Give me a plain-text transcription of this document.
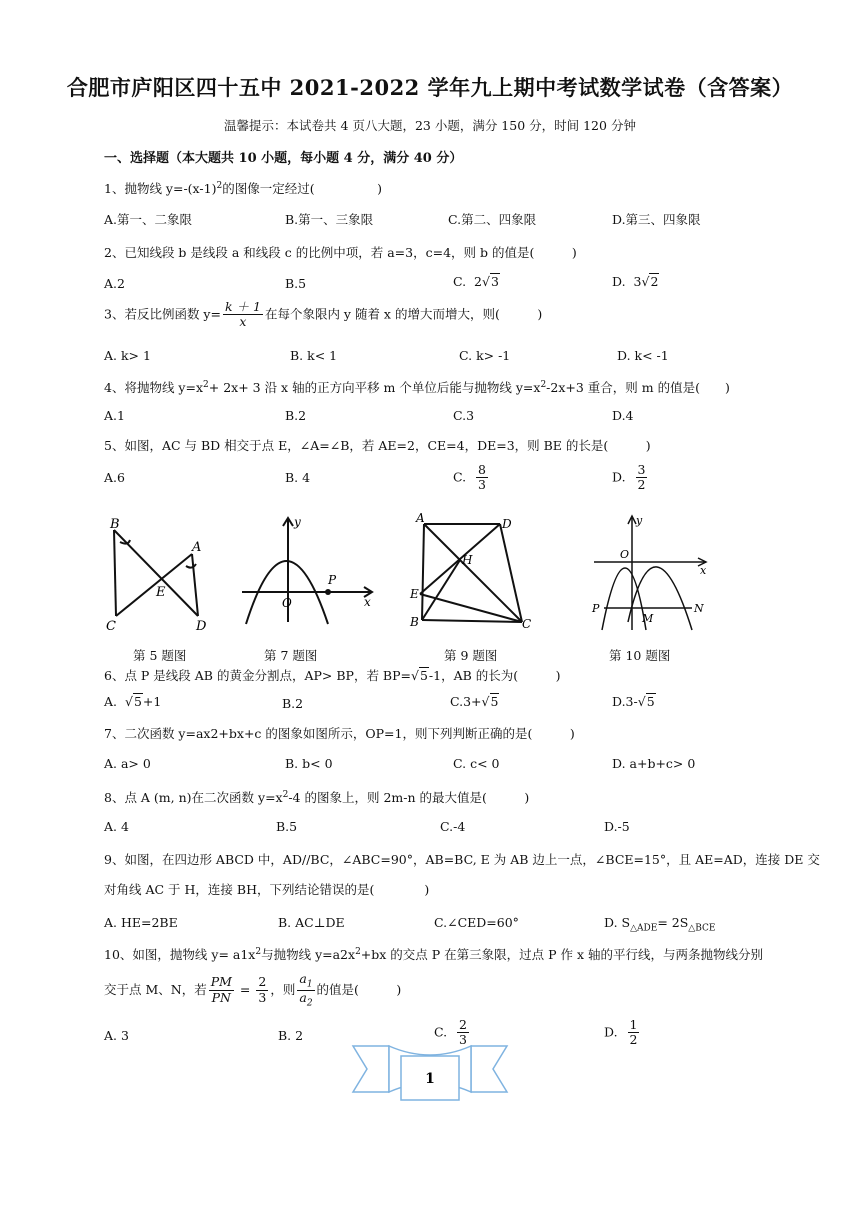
合肥市庐阳区四十五中 2021-2022 学年九上期中考试数学试卷（含答案）
温馨提示：本试卷共 4 页八大题，23 小题，满分 150 分，时间 120 分钟
一、选择题（本大题共 10 小题，每小题 4 分，满分 40 分）
1、抛物线 $y=-(x-1)^2$的图像一定经过(　　　　　)
A.第一、二象限	B.第一、三象限	C.第二、四象限	D.第三、四象限
2、已知线段 b 是线段 a 和线段 c 的比例中项，若 a=3，c=4，则 b 的值是(　　　)
A.2	B.5	C. 2√3	D. 3√2
3、若反比例函数 $y= \frac{k + 1}{x}$ 在每个象限内 y 随着 x 的增大而增大，则(　　　)
A. k> 1	B. k< 1	C. k> -1	D. k< -1
4、将抛物线 $y=x^2+ 2x+ 3$ 沿 x 轴的正方向平移 m 个单位后能与抛物线 $y=x^2-2x+3$ 重合，则 m 的值是(　　)
A.1	B.2	C.3	D.4
5、如图，AC 与 BD 相交于点 E，∠A=∠B，若 AE=2，CE=4，DE=3，则 BE 的长是(　　　)
A.6	B. 4	C. $\frac{8}{3}$	D. $\frac{3}{2}$
B
A
E
C	D
y
O
P
x
A	D
H
E
B	C
y
O
x
P
M
N
第 5 题图	第 7 题图	第 9 题图	第 10 题图
6、点 P 是线段 AB 的黄金分割点，AP> BP，若 BP=√5-1，AB 的长为(　　　)
A. √5+1	B.2	C.3+√5	D.3-√5
7、二次函数 y=ax2+bx+c 的图象如图所示，OP=1，则下列判断正确的是(　　　)
A. a> 0	B. b< 0	C. c< 0	D. a+b+c> 0
8、点 A (m, n)在二次函数 $y=x^2-4$ 的图象上，则 2m-n 的最大值是(　　　)
A. 4	B.5	C.-4	D.-5
9、如图，在四边形 ABCD 中，AD//BC，∠ABC=90°，AB=BC, E 为 AB 边上一点，∠BCE=15°，且 AE=AD，连接 DE 交
对角线 AC 于 H，连接 BH，下列结论错误的是(　　　　)
A. HE=2BE	B. AC⊥DE	C.∠CED=60°	D. $S_{\triangle ADE}= 2S_{\triangle BCE}$
10、如图，抛物线 $y= a1x^2$与抛物线 $y=a2x^2+bx$ 的交点 P 在第三象限，过点 P 作 x 轴的平行线，与两条抛物线分别
交于点 M、N，若 $\frac{PM}{PN} = \frac{2}{3}$ ，则 $\frac{a_1}{a_2}$ 的值是(　　　)
A. 3	B. 2	C. $\frac{2}{3}$	D. $\frac{1}{2}$
1
